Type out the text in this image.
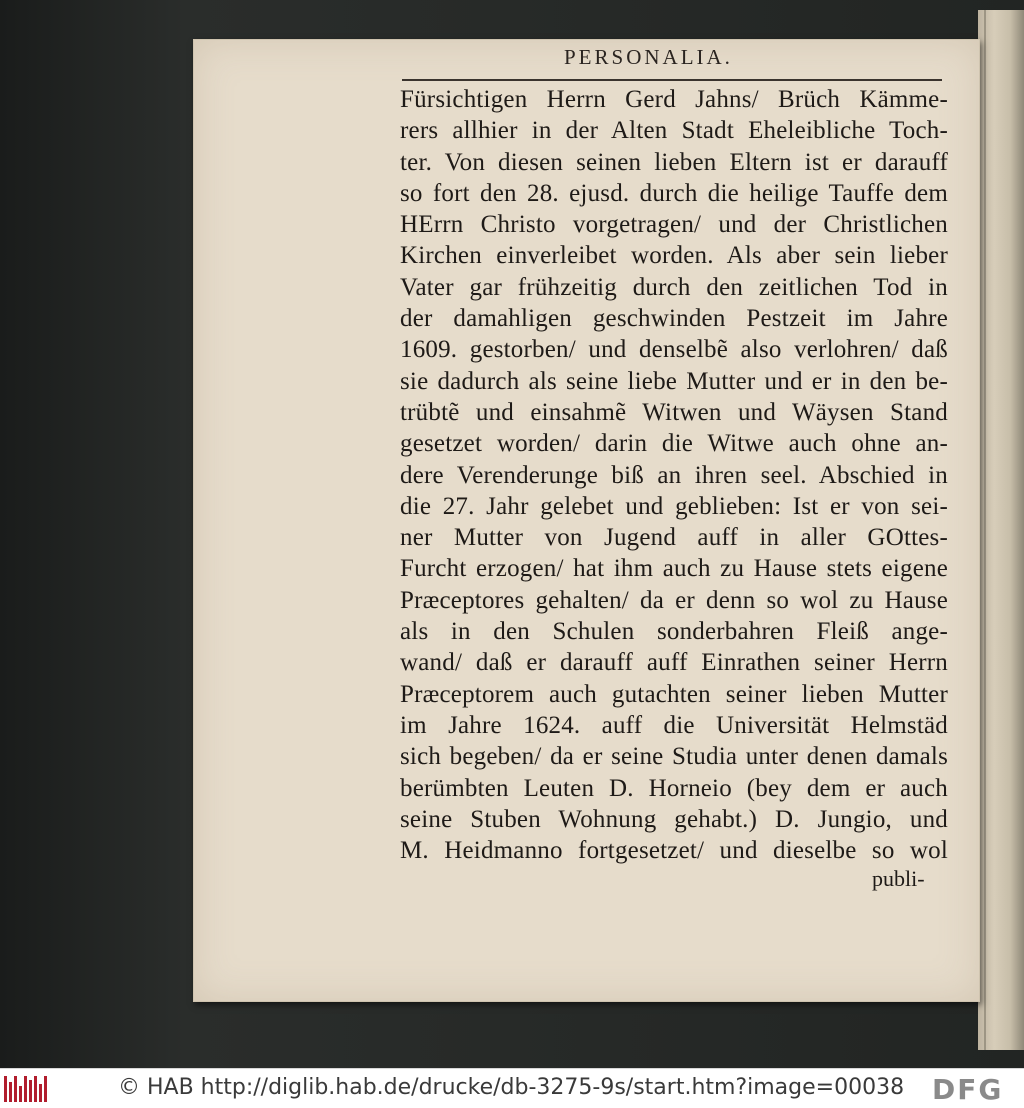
PERSONALIA.
Fürsichtigen Herrn Gerd Jahns/ Brüch Kämme-
rers allhier in der Alten Stadt Eheleibliche Toch-
ter. Von diesen seinen lieben Eltern ist er darauff
so fort den 28. ejusd. durch die heilige Tauffe dem
HErrn Christo vorgetragen/ und der Christlichen
Kirchen einverleibet worden. Als aber sein lieber
Vater gar frühzeitig durch den zeitlichen Tod in
der damahligen geschwinden Pestzeit im Jahre
1609. gestorben/ und denselbẽ also verlohren/ daß
sie dadurch als seine liebe Mutter und er in den be-
trübtẽ und einsahmẽ Witwen und Wäysen Stand
gesetzet worden/ darin die Witwe auch ohne an-
dere Verenderunge biß an ihren seel. Abschied in
die 27. Jahr gelebet und geblieben: Ist er von sei-
ner Mutter von Jugend auff in aller GOttes-
Furcht erzogen/ hat ihm auch zu Hause stets eigene
Præceptores gehalten/ da er denn so wol zu Hause
als in den Schulen sonderbahren Fleiß ange-
wand/ daß er darauff auff Einrathen seiner Herrn
Præceptorem auch gutachten seiner lieben Mutter
im Jahre 1624. auff die Universität Helmstäd
sich begeben/ da er seine Studia unter denen damals
berümbten Leuten D. Horneio (bey dem er auch
seine Stuben Wohnung gehabt.) D. Jungio, und
M. Heidmanno fortgesetzet/ und dieselbe so wol
publi-
© HAB http://diglib.hab.de/drucke/db-3275-9s/start.htm?image=00038 DFG
